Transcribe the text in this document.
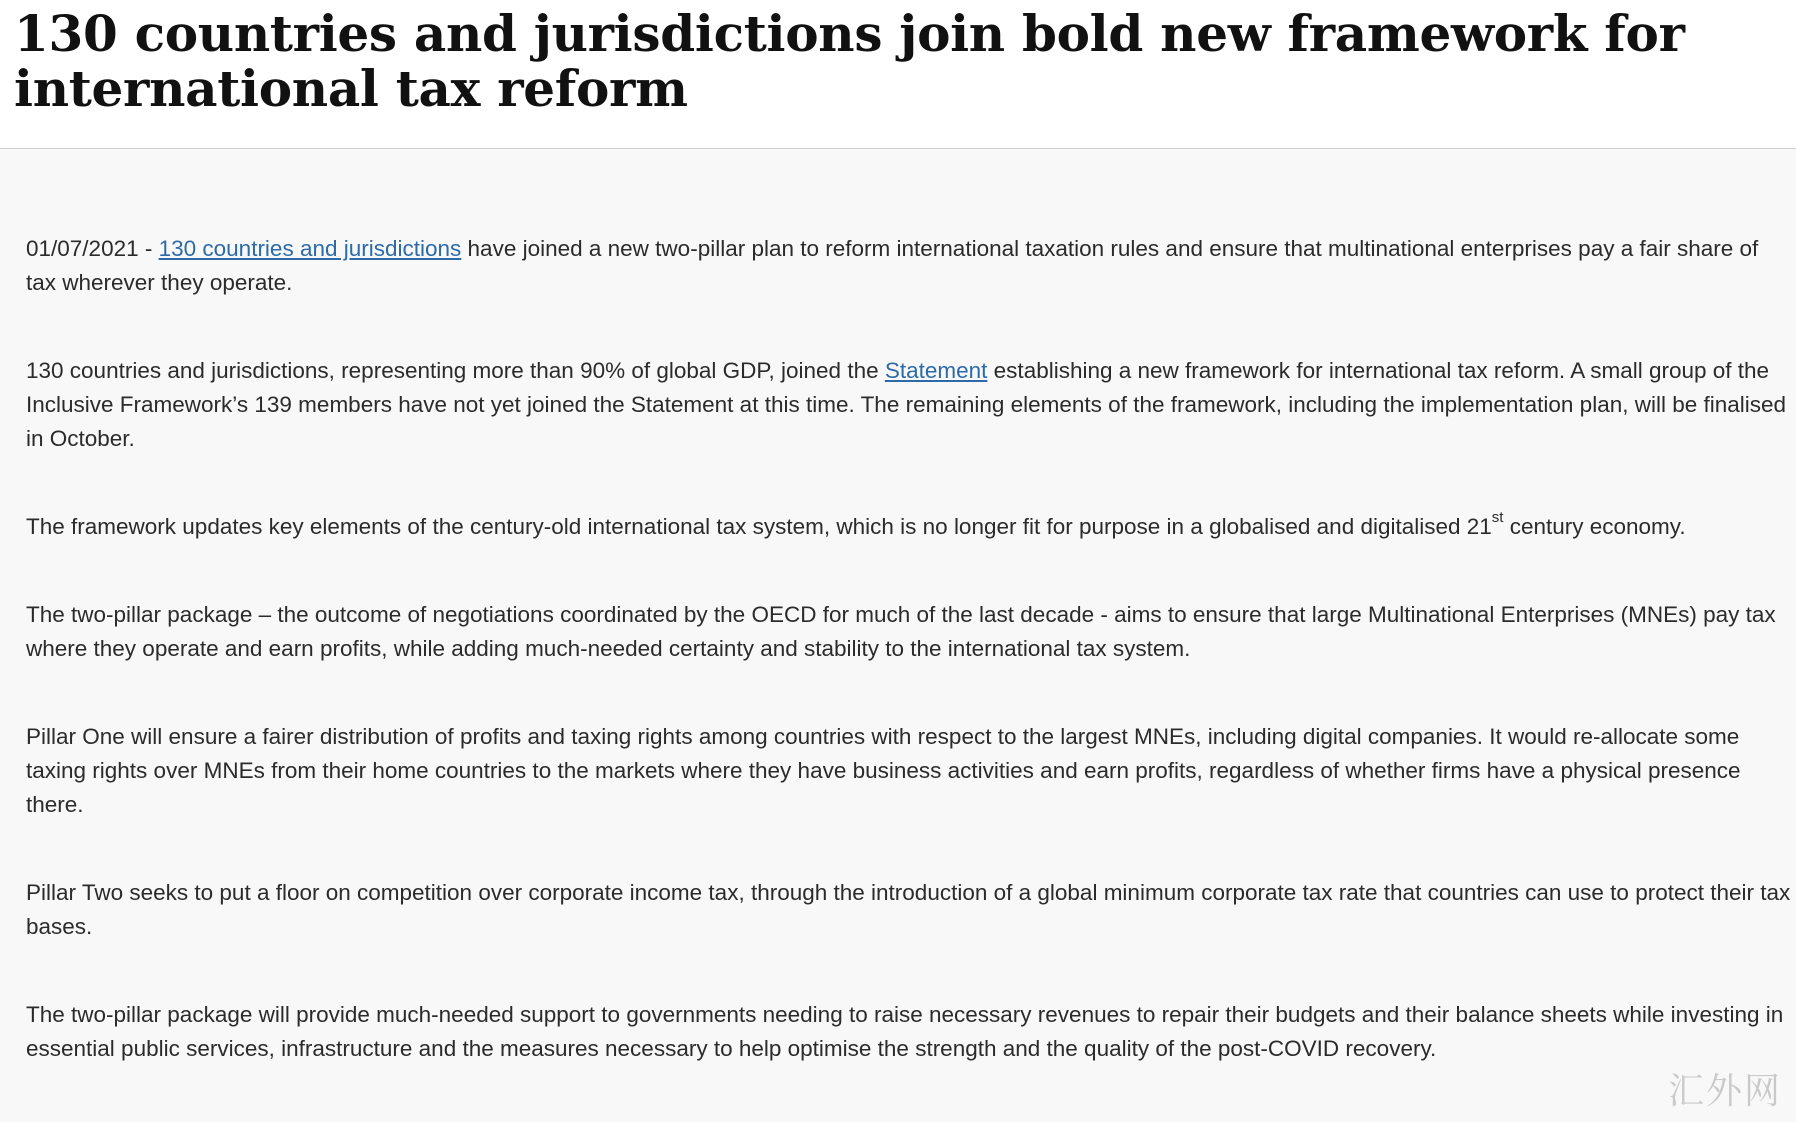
130 countries and jurisdictions join bold new framework for international tax reform

01/07/2021 - 130 countries and jurisdictions have joined a new two-pillar plan to reform international taxation rules and ensure that multinational enterprises pay a fair share of tax wherever they operate.

130 countries and jurisdictions, representing more than 90% of global GDP, joined the Statement establishing a new framework for international tax reform. A small group of the Inclusive Framework’s 139 members have not yet joined the Statement at this time. The remaining elements of the framework, including the implementation plan, will be finalised in October.

The framework updates key elements of the century-old international tax system, which is no longer fit for purpose in a globalised and digitalised 21st century economy.

The two-pillar package – the outcome of negotiations coordinated by the OECD for much of the last decade - aims to ensure that large Multinational Enterprises (MNEs) pay tax where they operate and earn profits, while adding much-needed certainty and stability to the international tax system.

Pillar One will ensure a fairer distribution of profits and taxing rights among countries with respect to the largest MNEs, including digital companies. It would re-allocate some taxing rights over MNEs from their home countries to the markets where they have business activities and earn profits, regardless of whether firms have a physical presence there.

Pillar Two seeks to put a floor on competition over corporate income tax, through the introduction of a global minimum corporate tax rate that countries can use to protect their tax bases.

The two-pillar package will provide much-needed support to governments needing to raise necessary revenues to repair their budgets and their balance sheets while investing in essential public services, infrastructure and the measures necessary to help optimise the strength and the quality of the post-COVID recovery.

汇外网
